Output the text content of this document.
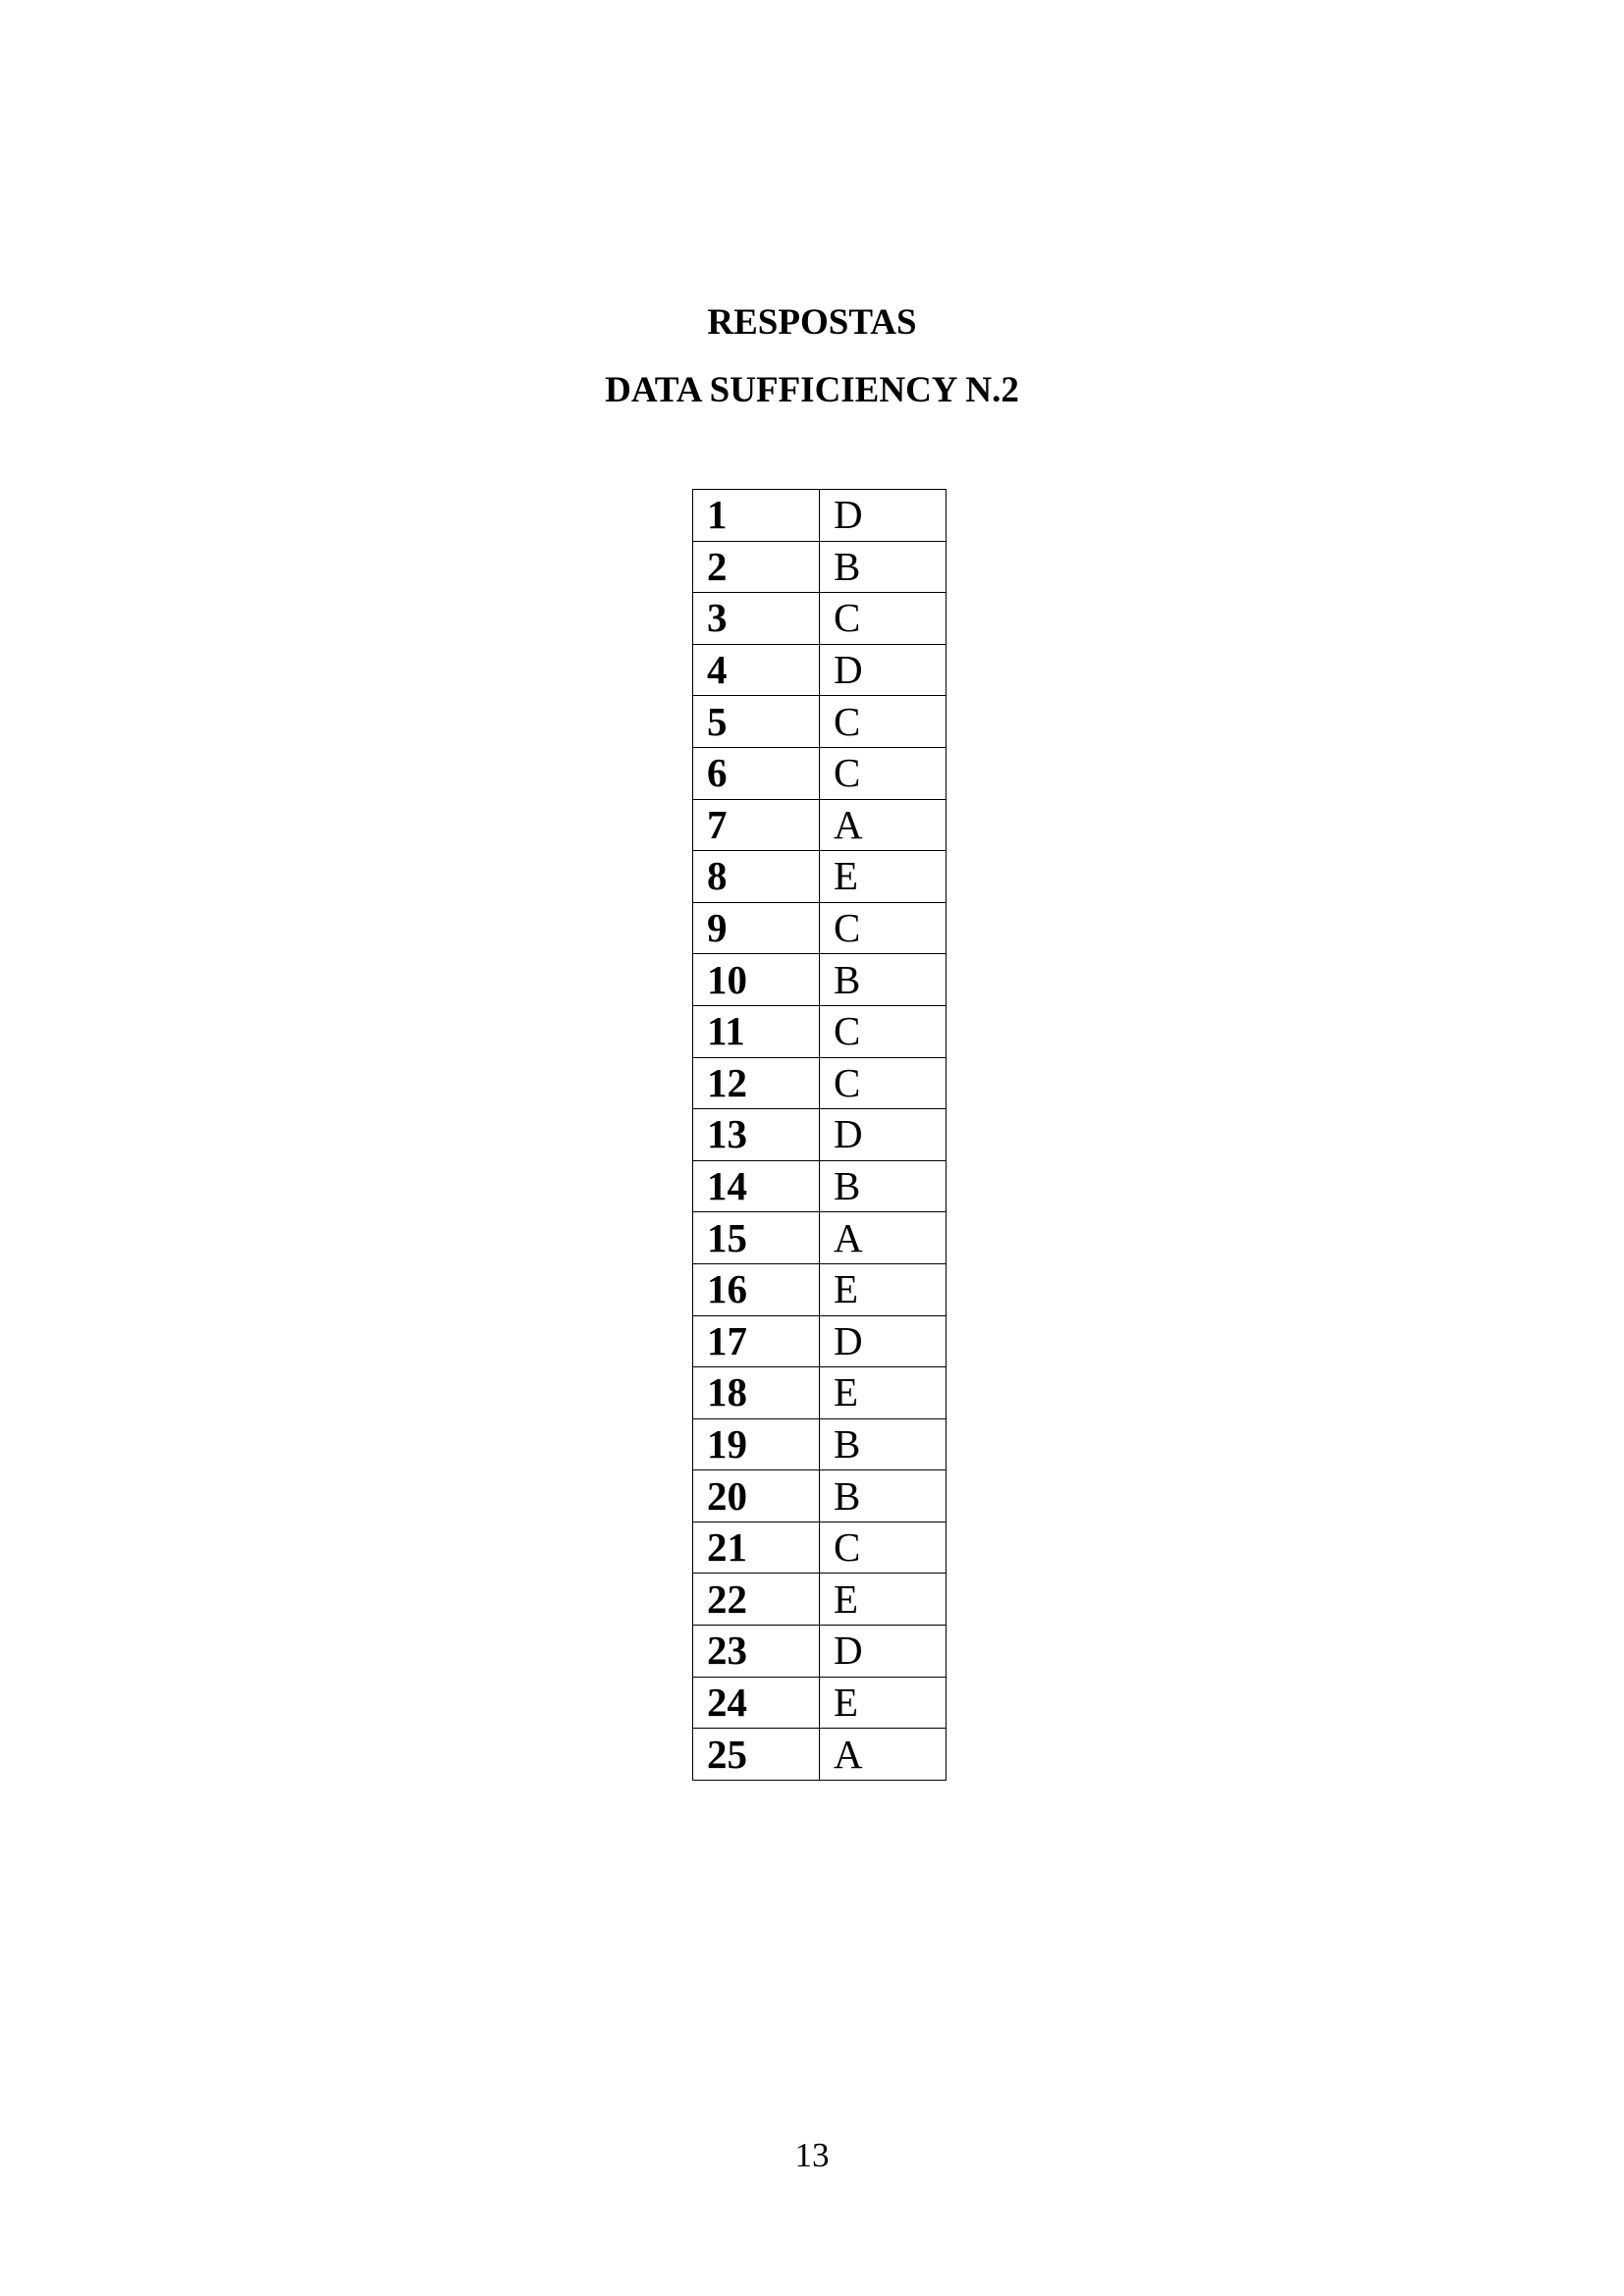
RESPOSTAS
DATA SUFFICIENCY N.2
1	D
2	B
3	C
4	D
5	C
6	C
7	A
8	E
9	C
10	B
11	C
12	C
13	D
14	B
15	A
16	E
17	D
18	E
19	B
20	B
21	C
22	E
23	D
24	E
25	A
13
